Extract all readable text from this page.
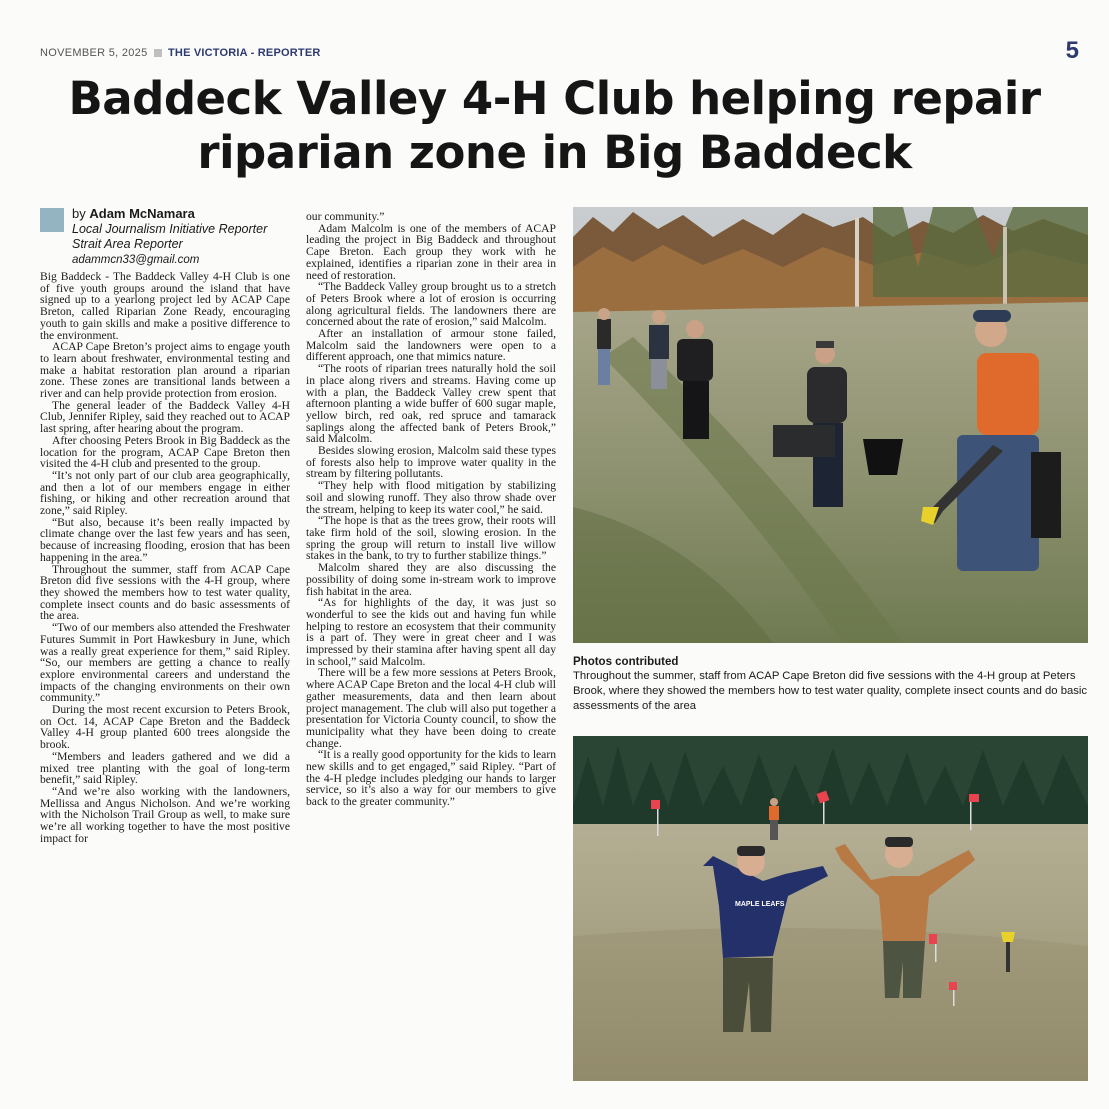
NOVEMBER 5, 2025 THE VICTORIA - REPORTER	5
Baddeck Valley 4-H Club helping repair
riparian zone in Big Baddeck
by Adam McNamara
Local Journalism Initiative Reporter
Strait Area Reporter
adammcn33@gmail.com

Big Baddeck - The Baddeck Valley 4-H Club is one of five youth groups around the island that have signed up to a yearlong project led by ACAP Cape Breton, called Riparian Zone Ready, encouraging youth to gain skills and make a positive difference to the environment.

ACAP Cape Breton’s project aims to engage youth to learn about freshwater, environmental testing and make a habitat restoration plan around a riparian zone. These zones are transitional lands between a river and can help provide protection from erosion.

The general leader of the Baddeck Valley 4-H Club, Jennifer Ripley, said they reached out to ACAP last spring, after hearing about the program.

After choosing Peters Brook in Big Baddeck as the location for the program, ACAP Cape Breton then visited the 4-H club and presented to the group.

“It’s not only part of our club area geographically, and then a lot of our members engage in either fishing, or hiking and other recreation around that zone,” said Ripley.

“But also, because it’s been really impacted by climate change over the last few years and has seen, because of increasing flooding, erosion that has been happening in the area.”

Throughout the summer, staff from ACAP Cape Breton did five sessions with the 4-H group, where they showed the members how to test water quality, complete insect counts and do basic assessments of the area.

“Two of our members also attended the Freshwater Futures Summit in Port Hawkesbury in June, which was a really great experience for them,” said Ripley. “So, our members are getting a chance to really explore environmental careers and understand the impacts of the changing environments on their own community.”

During the most recent excursion to Peters Brook, on Oct. 14, ACAP Cape Breton and the Baddeck Valley 4-H group planted 600 trees alongside the brook.

“Members and leaders gathered and we did a mixed tree planting with the goal of long-term benefit,” said Ripley.

“And we’re also working with the landowners, Mellissa and Angus Nicholson. And we’re working with the Nicholson Trail Group as well, to make sure we’re all working together to have the most positive impact for

our community.”

Adam Malcolm is one of the members of ACAP leading the project in Big Baddeck and throughout Cape Breton. Each group they work with he explained, identifies a riparian zone in their area in need of restoration.

“The Baddeck Valley group brought us to a stretch of Peters Brook where a lot of erosion is occurring along agricultural fields. The landowners there are concerned about the rate of erosion,” said Malcolm.

After an installation of armour stone failed, Malcolm said the landowners were open to a different approach, one that mimics nature.

“The roots of riparian trees naturally hold the soil in place along rivers and streams. Having come up with a plan, the Baddeck Valley crew spent that afternoon planting a wide buffer of 600 sugar maple, yellow birch, red oak, red spruce and tamarack saplings along the affected bank of Peters Brook,” said Malcolm.

Besides slowing erosion, Malcolm said these types of forests also help to improve water quality in the stream by filtering pollutants.

“They help with flood mitigation by stabilizing soil and slowing runoff. They also throw shade over the stream, helping to keep its water cool,” he said.

“The hope is that as the trees grow, their roots will take firm hold of the soil, slowing erosion. In the spring the group will return to install live willow stakes in the bank, to try to further stabilize things.”

Malcolm shared they are also discussing the possibility of doing some in-stream work to improve fish habitat in the area.

“As for highlights of the day, it was just so wonderful to see the kids out and having fun while helping to restore an ecosystem that their community is a part of. They were in great cheer and I was impressed by their stamina after having spent all day in school,” said Malcolm.

There will be a few more sessions at Peters Brook, where ACAP Cape Breton and the local 4-H club will gather measurements, data and then learn about project management. The club will also put together a presentation for Victoria County council, to show the municipality what they have been doing to create change.

“It is a really good opportunity for the kids to learn new skills and to get engaged,” said Ripley. “Part of the 4-H pledge includes pledging our hands to larger service, so it’s also a way for our members to give back to the greater community.”

Photos contributed
Throughout the summer, staff from ACAP Cape Breton did five sessions with the 4-H group at Peters Brook, where they showed the members how to test water quality, complete insect counts and do basic assessments of the area
MAPLE LEAFS
